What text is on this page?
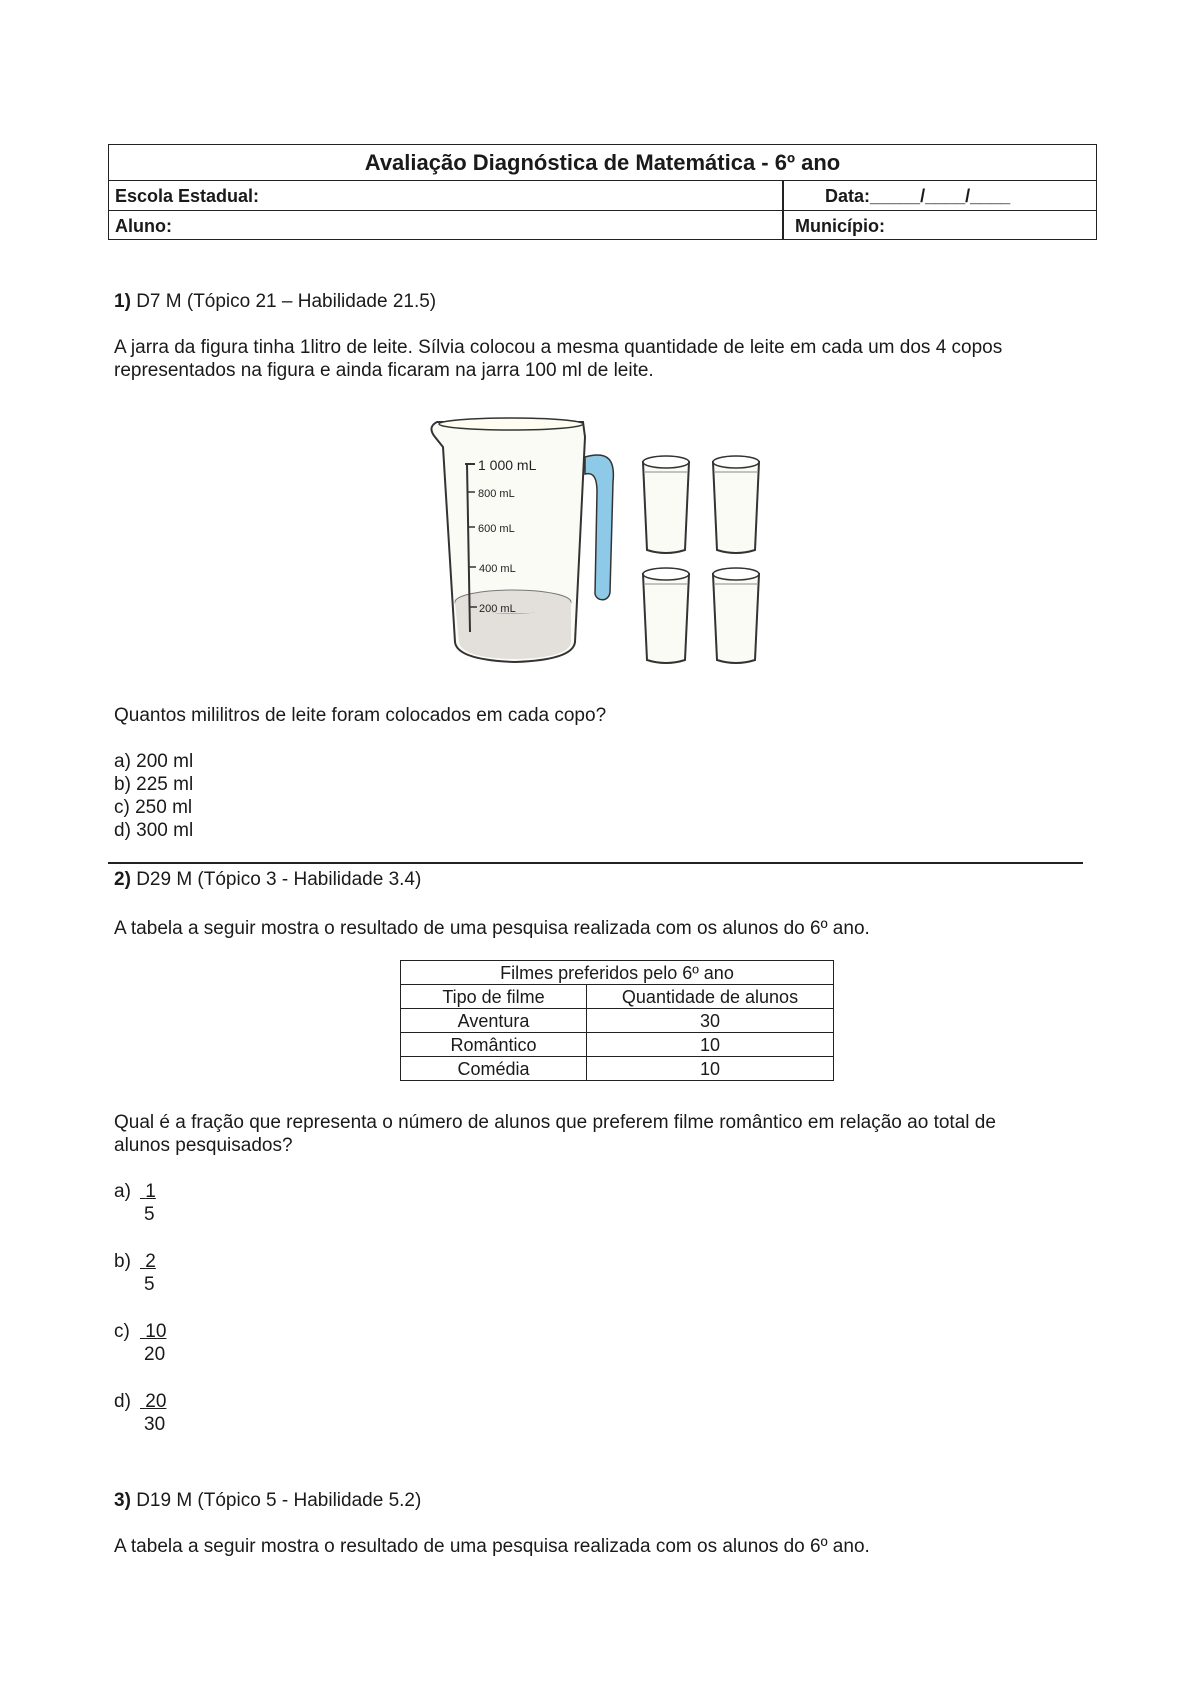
Avaliação Diagnóstica de Matemática - 6º ano
Escola Estadual:	Data:_____/____/____
Aluno:	Município:
1) D7 M (Tópico 21 – Habilidade 21.5)
A jarra da figura tinha 1litro de leite. Sílvia colocou a mesma quantidade de leite em cada um dos 4 copos
representados na figura e ainda ficaram na jarra 100 ml de leite.
1 000 mL
800 mL
600 mL
400 mL
200 mL
Quantos mililitros de leite foram colocados em cada copo?
a) 200 ml
b) 225 ml
c) 250 ml
d) 300 ml
2) D29 M (Tópico 3 - Habilidade 3.4)
A tabela a seguir mostra o resultado de uma pesquisa realizada com os alunos do 6º ano.
Filmes preferidos pelo 6º ano	
Tipo de filme	Quantidade de alunos
Aventura	30
Romântico	10
Comédia	10
Qual é a fração que representa o número de alunos que preferem filme romântico em relação ao total de
alunos pesquisados?
a) 1
5
b) 2
5
c) 10
20
d) 20
30
3) D19 M (Tópico 5 - Habilidade 5.2)
A tabela a seguir mostra o resultado de uma pesquisa realizada com os alunos do 6º ano.
